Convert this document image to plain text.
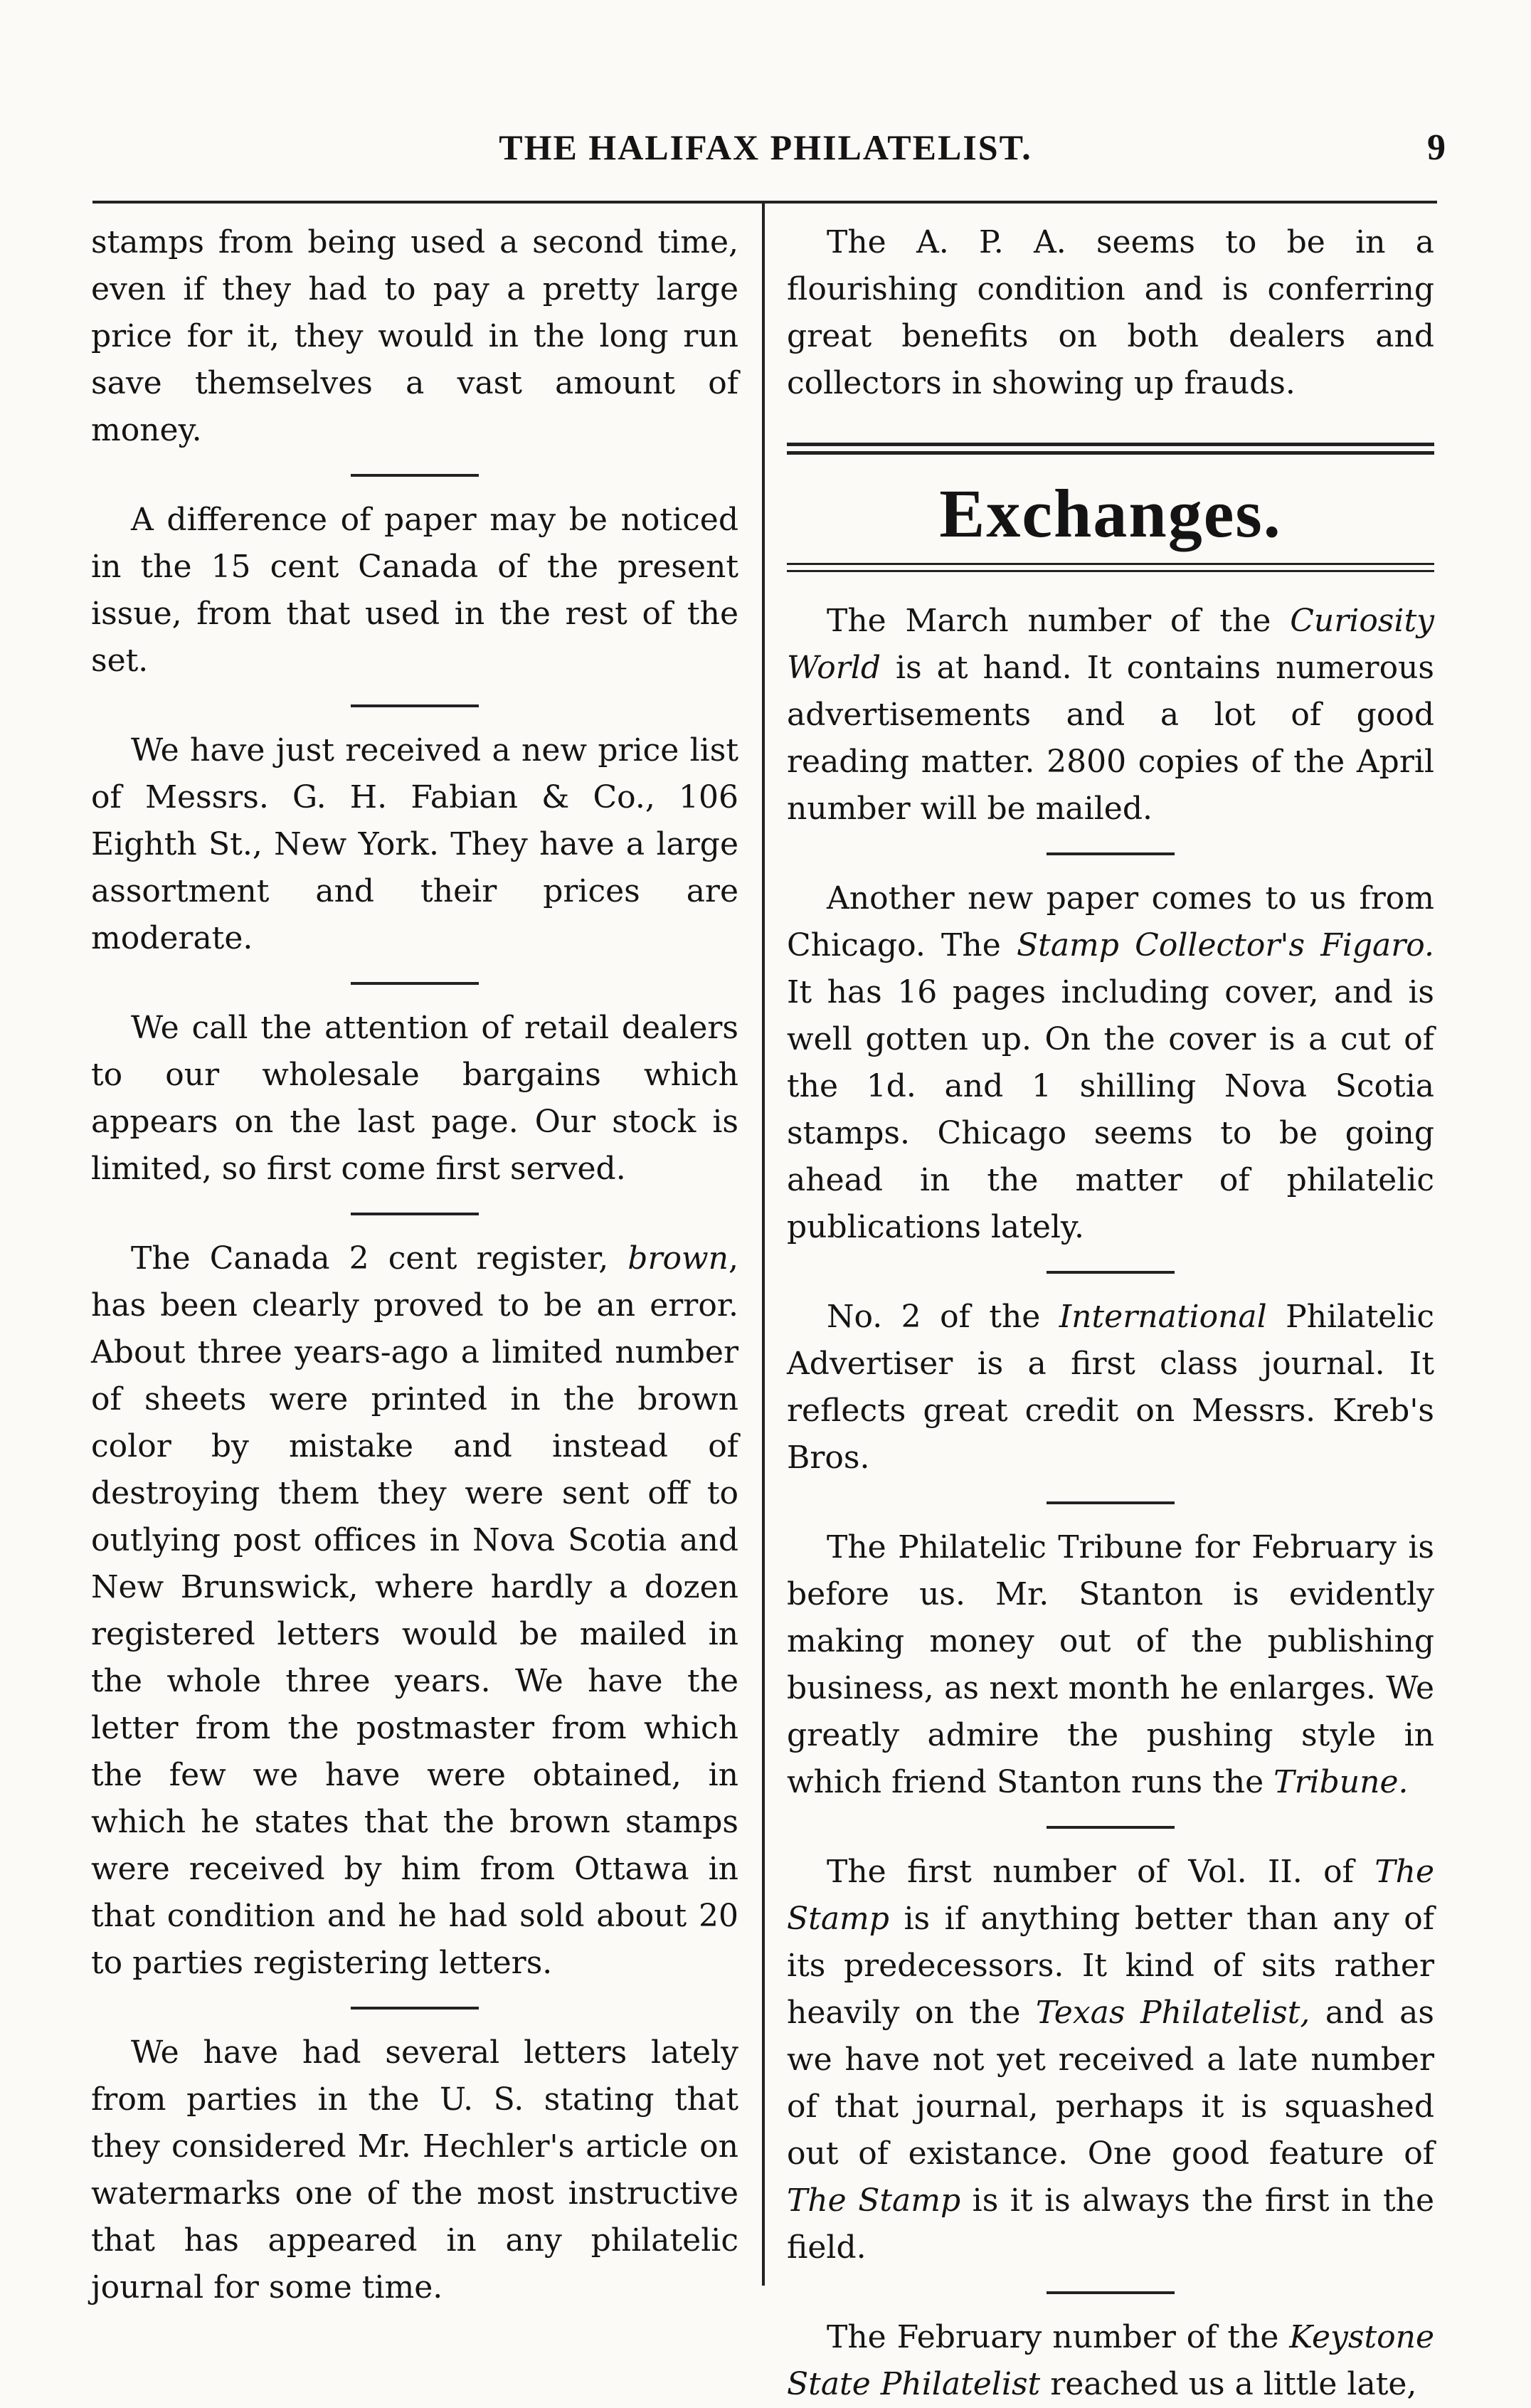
THE HALIFAX PHILATELIST.	9

stamps from being used a second time, even if they had to pay a pretty large price for it, they would in the long run save themselves a vast amount of money.

A difference of paper may be noticed in the 15 cent Canada of the present issue, from that used in the rest of the set.

We have just received a new price list of Messrs. G. H. Fabian & Co., 106 Eighth St., New York. They have a large assortment and their prices are moderate.

We call the attention of retail dealers to our wholesale bargains which appears on the last page. Our stock is limited, so first come first served.

The Canada 2 cent register, brown, has been clearly proved to be an error. About three years-ago a limited number of sheets were printed in the brown color by mistake and instead of destroying them they were sent off to outlying post offices in Nova Scotia and New Brunswick, where hardly a dozen registered letters would be mailed in the whole three years. We have the letter from the postmaster from which the few we have were obtained, in which he states that the brown stamps were received by him from Ottawa in that condition and he had sold about 20 to parties registering letters.

We have had several letters lately from parties in the U. S. stating that they considered Mr. Hechler's article on watermarks one of the most instructive that has appeared in any philatelic journal for some time.

The A. P. A. seems to be in a flourishing condition and is conferring great benefits on both dealers and collectors in showing up frauds.

Exchanges.

The March number of the Curiosity World is at hand. It contains numerous advertisements and a lot of good reading matter. 2800 copies of the April number will be mailed.

Another new paper comes to us from Chicago. The Stamp Collector's Figaro. It has 16 pages including cover, and is well gotten up. On the cover is a cut of the 1d. and 1 shilling Nova Scotia stamps. Chicago seems to be going ahead in the matter of philatelic publications lately.

No. 2 of the International Philatelic Advertiser is a first class journal. It reflects great credit on Messrs. Kreb's Bros.

The Philatelic Tribune for February is before us. Mr. Stanton is evidently making money out of the publishing business, as next month he enlarges. We greatly admire the pushing style in which friend Stanton runs the Tribune.

The first number of Vol. II. of The Stamp is if anything better than any of its predecessors. It kind of sits rather heavily on the Texas Philatelist, and as we have not yet received a late number of that journal, perhaps it is squashed out of existance. One good feature of The Stamp is it is always the first in the field.

The February number of the Keystone State Philatelist reached us a little late,
